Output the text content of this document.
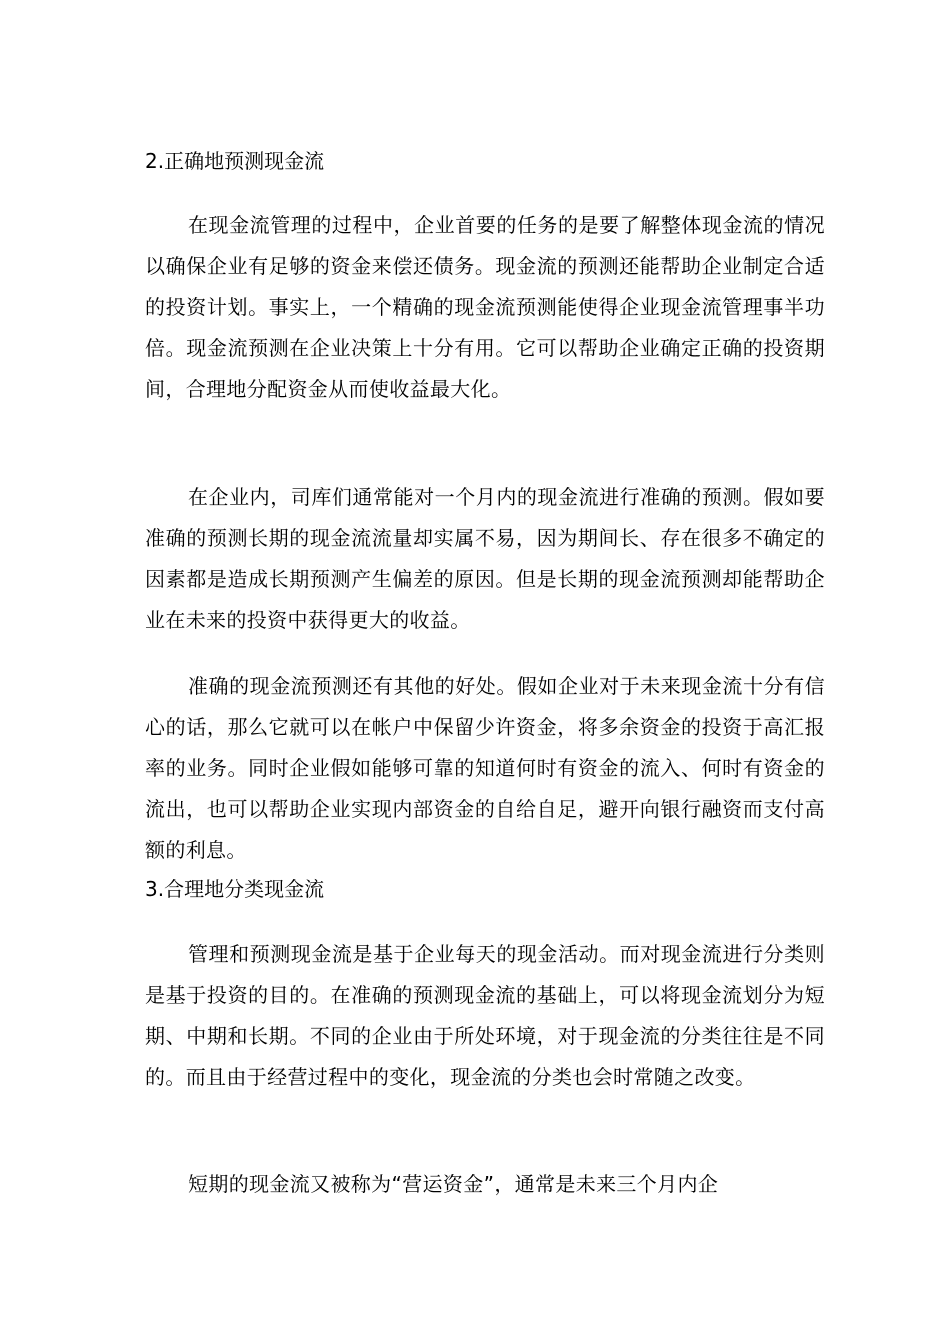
2.正确地预测现金流

在现金流管理的过程中，企业首要的任务的是要了解整体现金流的情况以确保企业有足够的资金来偿还债务。现金流的预测还能帮助企业制定合适的投资计划。事实上，一个精确的现金流预测能使得企业现金流管理事半功倍。现金流预测在企业决策上十分有用。它可以帮助企业确定正确的投资期间，合理地分配资金从而使收益最大化。

在企业内，司库们通常能对一个月内的现金流进行准确的预测。假如要准确的预测长期的现金流流量却实属不易，因为期间长、存在很多不确定的因素都是造成长期预测产生偏差的原因。但是长期的现金流预测却能帮助企业在未来的投资中获得更大的收益。

准确的现金流预测还有其他的好处。假如企业对于未来现金流十分有信心的话，那么它就可以在帐户中保留少许资金，将多余资金的投资于高汇报率的业务。同时企业假如能够可靠的知道何时有资金的流入、何时有资金的流出，也可以帮助企业实现内部资金的自给自足，避开向银行融资而支付高额的利息。

3.合理地分类现金流

管理和预测现金流是基于企业每天的现金活动。而对现金流进行分类则是基于投资的目的。在准确的预测现金流的基础上，可以将现金流划分为短期、中期和长期。不同的企业由于所处环境，对于现金流的分类往往是不同的。而且由于经营过程中的变化，现金流的分类也会时常随之改变。

短期的现金流又被称为“营运资金”，通常是未来三个月内企
